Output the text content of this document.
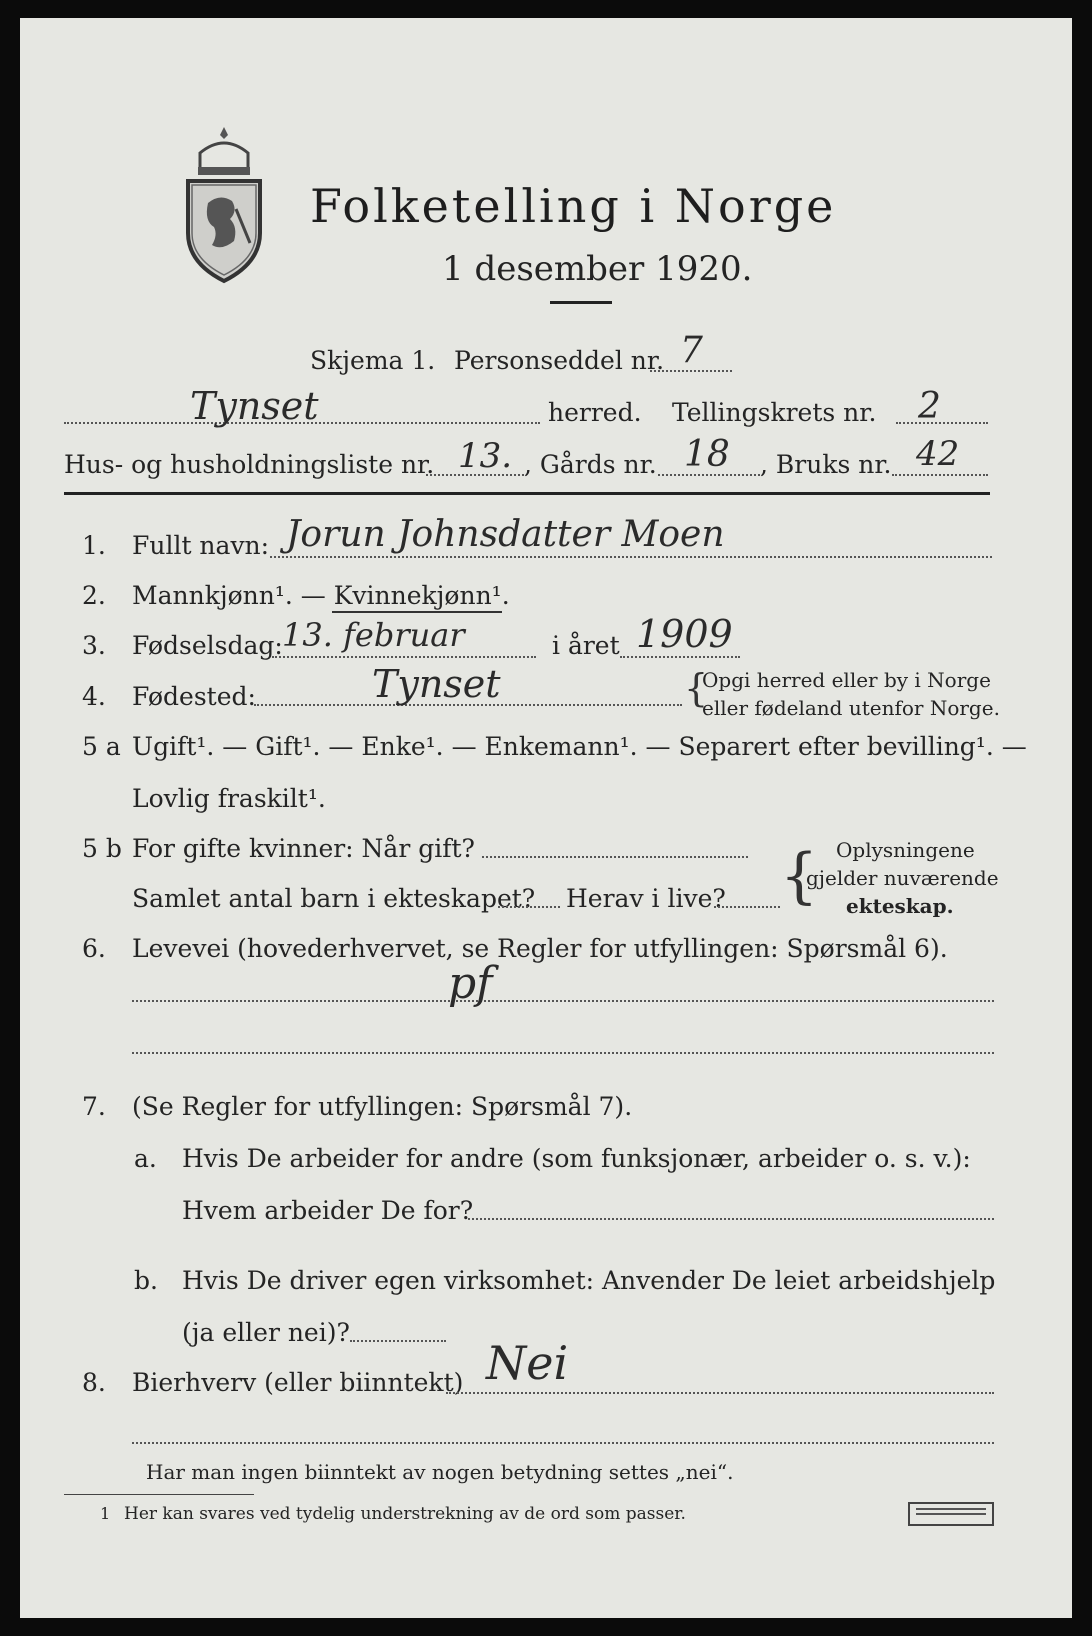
Folketelling i Norge
1 desember 1920.
Skjema 1. Personseddel nr. 7
Tynset	herred. Tellingskrets nr. 2
Hus- og husholdningsliste nr. 13. , Gårds nr. 18 , Bruks nr. 42
1. Fullt navn: Jorun Johnsdatter Moen
2. Mannkjønn¹. — Kvinnekjønn¹.
3. Fødselsdag: 13. februar	i året 1909
4. Fødested:	Tynset	{
Opgi herred eller by i Norge
eller fødeland utenfor Norge.
5 a Ugift¹. — Gift¹. — Enke¹. — Enkemann¹. — Separert efter bevilling¹. —
Lovlig fraskilt¹.
5 b For gifte kvinner: Når gift?
Samlet antal barn i ekteskapet? Herav i live? { Oplysningene
gjelder nuværende
ekteskap.
6. Levevei (hovederhvervet, se Regler for utfyllingen: Spørsmål 6).
pf
7. (Se Regler for utfyllingen: Spørsmål 7).
a. Hvis De arbeider for andre (som funksjonær, arbeider o. s. v.):
Hvem arbeider De for?
b. Hvis De driver egen virksomhet: Anvender De leiet arbeidshjelp
(ja eller nei)?
8. Bierhverv (eller biinntekt) Nei
Har man ingen biinntekt av nogen betydning settes „nei“.
1 Her kan svares ved tydelig understrekning av de ord som passer.
